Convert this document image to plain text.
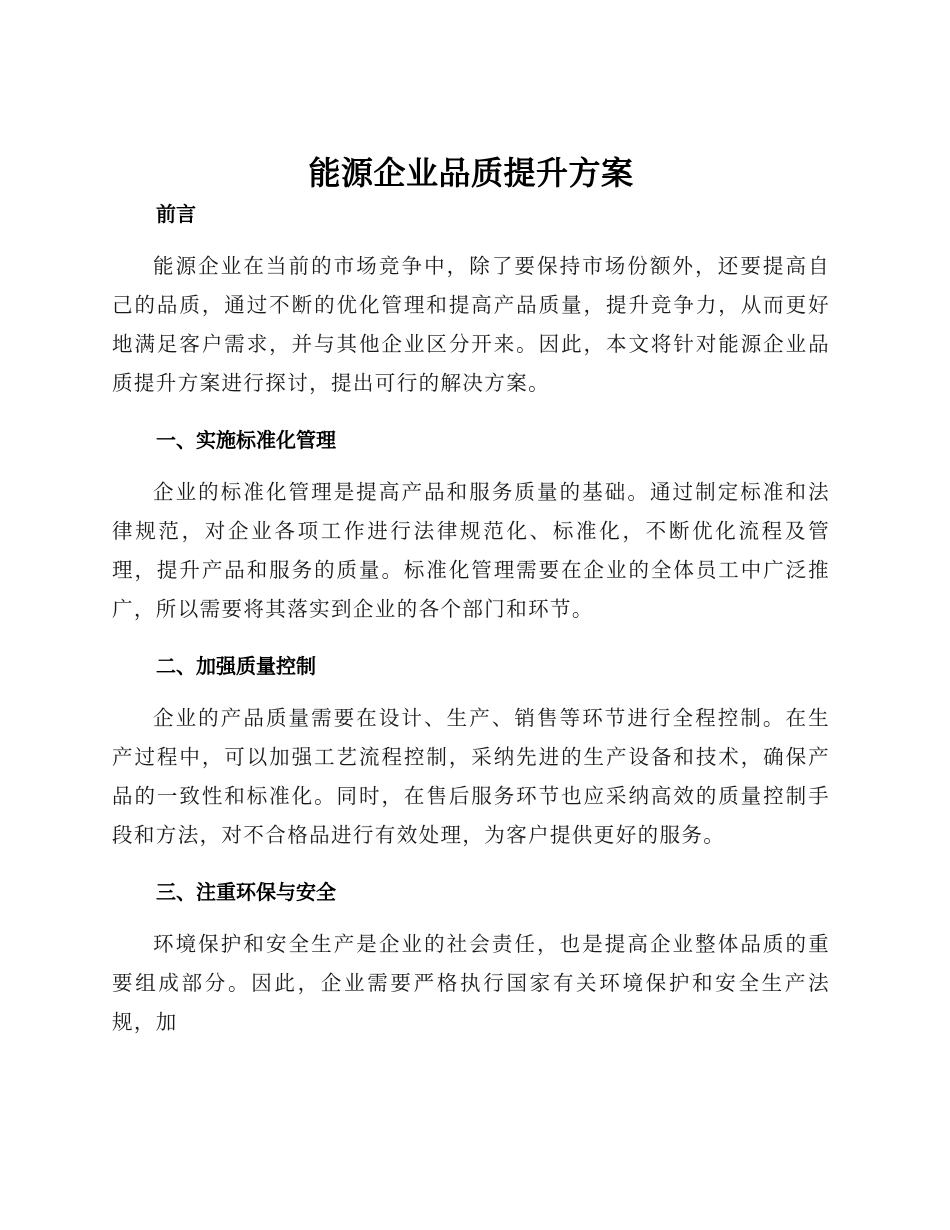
能源企业品质提升方案
前言

能源企业在当前的市场竞争中，除了要保持市场份额外，还要提高自己的品质，通过不断的优化管理和提高产品质量，提升竞争力，从而更好地满足客户需求，并与其他企业区分开来。因此，本文将针对能源企业品质提升方案进行探讨，提出可行的解决方案。

一、实施标准化管理

企业的标准化管理是提高产品和服务质量的基础。通过制定标准和法律规范，对企业各项工作进行法律规范化、标准化，不断优化流程及管理，提升产品和服务的质量。标准化管理需要在企业的全体员工中广泛推广，所以需要将其落实到企业的各个部门和环节。

二、加强质量控制

企业的产品质量需要在设计、生产、销售等环节进行全程控制。在生产过程中，可以加强工艺流程控制，采纳先进的生产设备和技术，确保产品的一致性和标准化。同时，在售后服务环节也应采纳高效的质量控制手段和方法，对不合格品进行有效处理，为客户提供更好的服务。

三、注重环保与安全

环境保护和安全生产是企业的社会责任，也是提高企业整体品质的重要组成部分。因此，企业需要严格执行国家有关环境保护和安全生产法规，加
